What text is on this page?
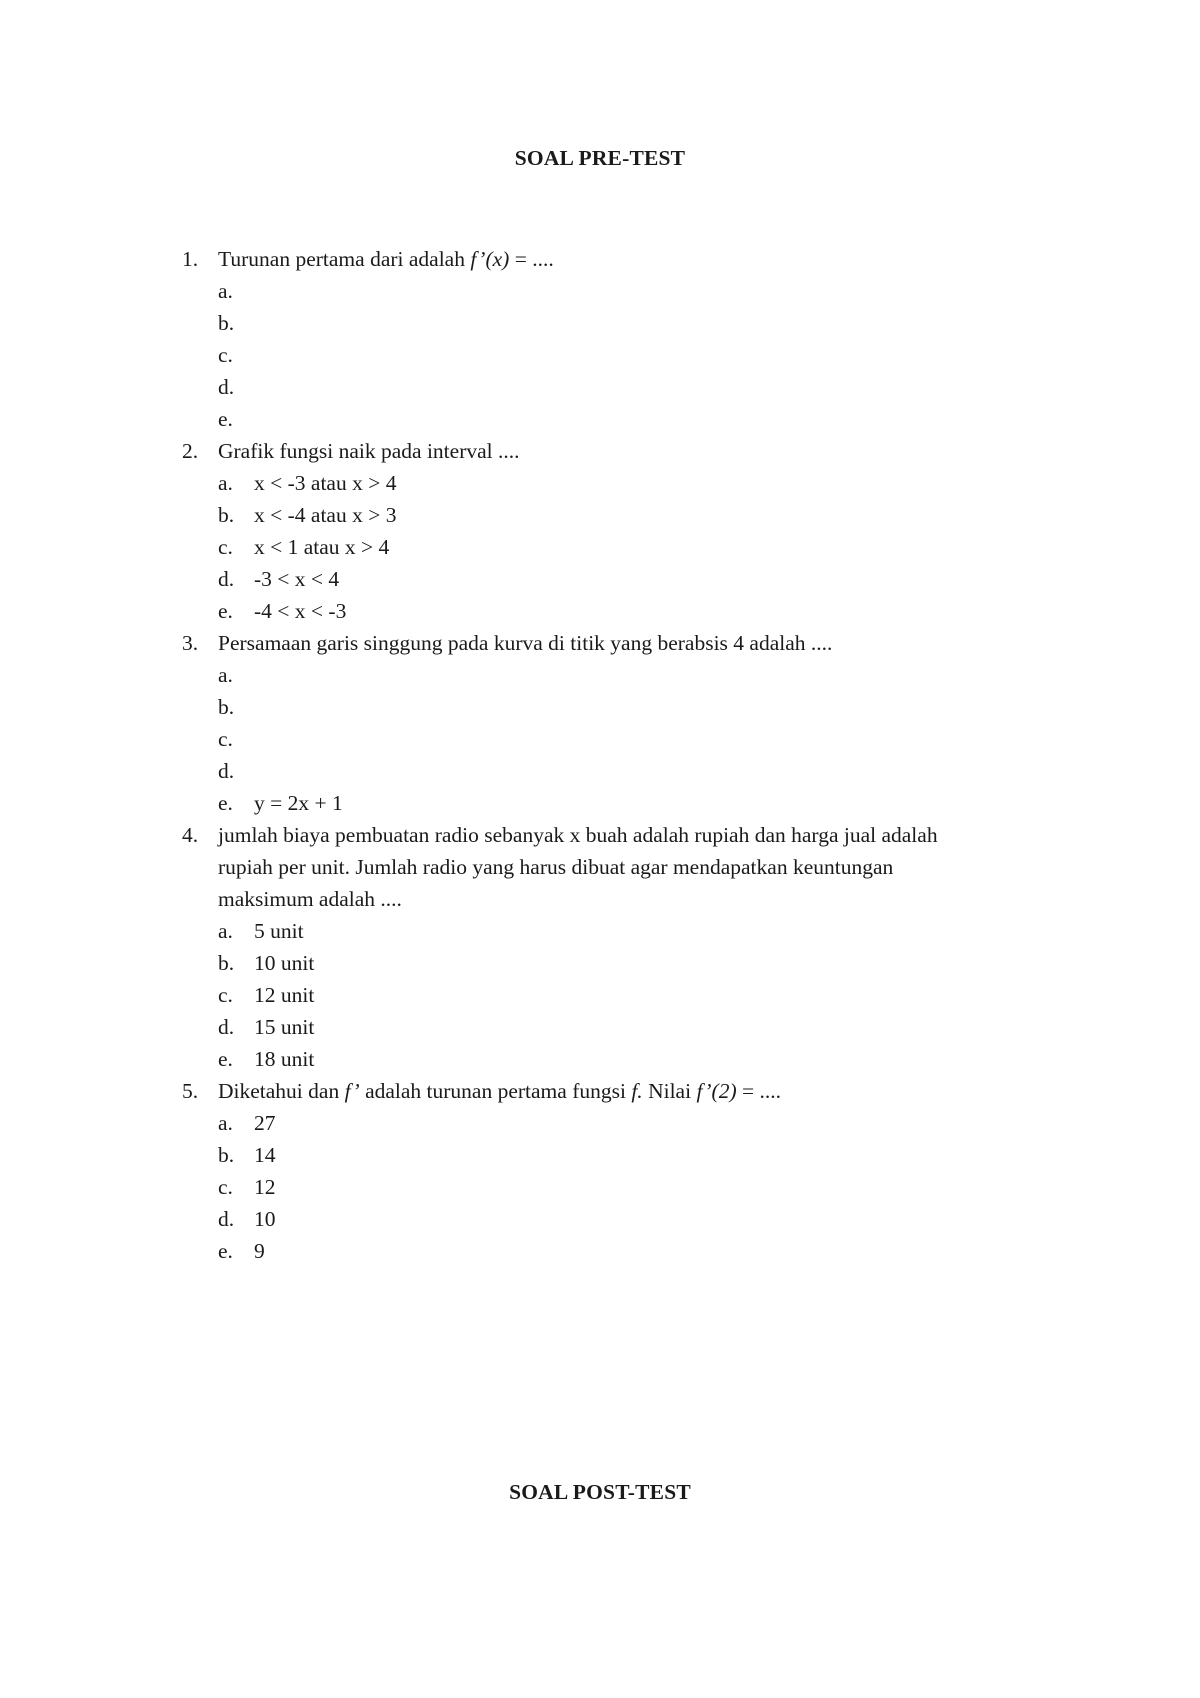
SOAL PRE-TEST
1. Turunan pertama dari adalah f’(x) = ....
a.
b.
c.
d.
e.
2. Grafik fungsi naik pada interval ....
a. x < -3 atau x > 4
b. x < -4 atau x > 3
c. x < 1 atau x > 4
d. -3 < x < 4
e. -4 < x < -3
3. Persamaan garis singgung pada kurva di titik yang berabsis 4 adalah ....
a.
b.
c.
d.
e. y = 2x + 1
4. jumlah biaya pembuatan radio sebanyak x buah adalah rupiah dan harga jual adalah
rupiah per unit. Jumlah radio yang harus dibuat agar mendapatkan keuntungan
maksimum adalah ....
a. 5 unit
b. 10 unit
c. 12 unit
d. 15 unit
e. 18 unit
5. Diketahui dan f’ adalah turunan pertama fungsi f. Nilai f’(2) = ....
a. 27
b. 14
c. 12
d. 10
e. 9
SOAL POST-TEST
